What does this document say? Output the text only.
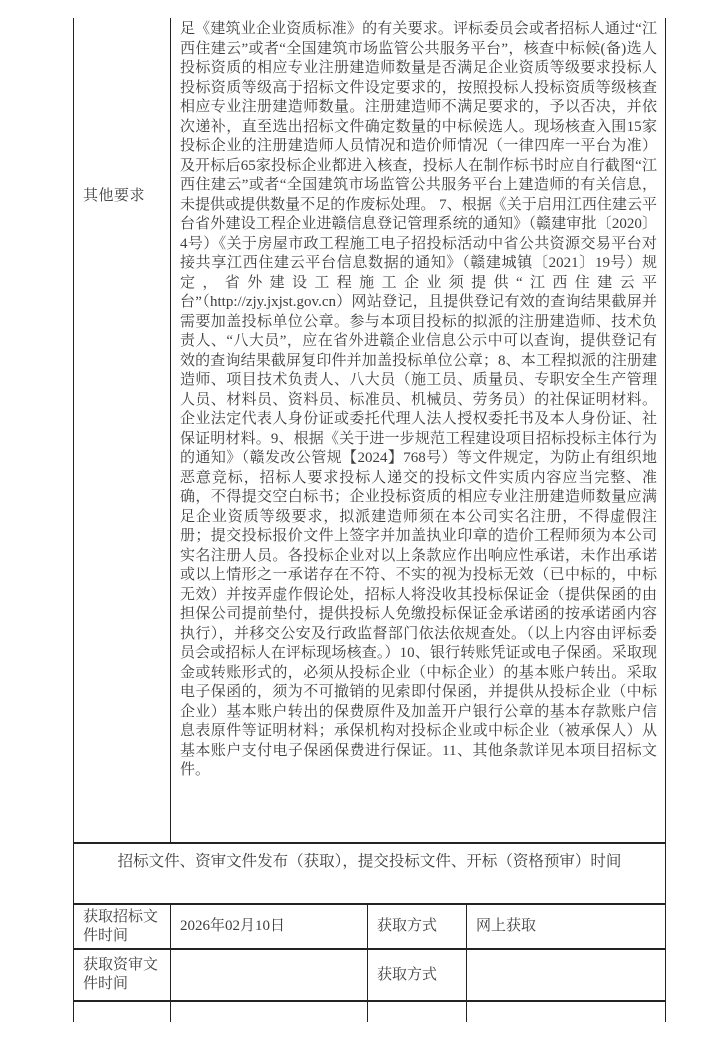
其他要求
足《建筑业企业资质标准》的有关要求。评标委员会或者招标人通过“江西住建云”或者“全国建筑市场监管公共服务平台”，核查中标候(备)选人投标资质的相应专业注册建造师数量是否满足企业资质等级要求投标人投标资质等级高于招标文件设定要求的，按照投标人投标资质等级核查相应专业注册建造师数量。注册建造师不满足要求的，予以否决，并依次递补，直至选出招标文件确定数量的中标候选人。现场核查入围15家投标企业的注册建造师人员情况和造价师情况（一律四库一平台为准）及开标后65家投标企业都进入核查，投标人在制作标书时应自行截图“江西住建云”或者“全国建筑市场监管公共服务平台上建造师的有关信息，未提供或提供数量不足的作废标处理。 7、根据《关于启用江西住建云平台省外建设工程企业进赣信息登记管理系统的通知》（赣建审批〔2020〕4号）《关于房屋市政工程施工电子招投标活动中省公共资源交易平台对接共享江西住建云平台信息数据的通知》（赣建城镇〔2021〕19号）规定，省外建设工程施工企业须提供“江西住建云平台”（http://zjy.jxjst.gov.cn）网站登记，且提供登记有效的查询结果截屏并需要加盖投标单位公章。参与本项目投标的拟派的注册建造师、技术负责人、“八大员”，应在省外进赣企业信息公示中可以查询，提供登记有效的查询结果截屏复印件并加盖投标单位公章；8、本工程拟派的注册建造师、项目技术负责人、八大员（施工员、质量员、专职安全生产管理人员、材料员、资料员、标准员、机械员、劳务员）的社保证明材料。企业法定代表人身份证或委托代理人法人授权委托书及本人身份证、社保证明材料。9、根据《关于进一步规范工程建设项目招标投标主体行为的通知》（赣发改公管规【2024】768号）等文件规定，为防止有组织地恶意竞标，招标人要求投标人递交的投标文件实质内容应当完整、准确，不得提交空白标书；企业投标资质的相应专业注册建造师数量应满足企业资质等级要求，拟派建造师须在本公司实名注册，不得虚假注册；提交投标报价文件上签字并加盖执业印章的造价工程师须为本公司实名注册人员。各投标企业对以上条款应作出响应性承诺，未作出承诺或以上情形之一承诺存在不符、不实的视为投标无效（已中标的，中标无效）并按弄虚作假论处，招标人将没收其投标保证金（提供保函的由担保公司提前垫付，提供投标人免缴投标保证金承诺函的按承诺函内容执行），并移交公安及行政监督部门依法依规查处。（以上内容由评标委员会或招标人在评标现场核查。）10、银行转账凭证或电子保函。采取现金或转账形式的，必须从投标企业（中标企业）的基本账户转出。采取电子保函的，须为不可撤销的见索即付保函，并提供从投标企业（中标企业）基本账户转出的保费原件及加盖开户银行公章的基本存款账户信息表原件等证明材料；承保机构对投标企业或中标企业（被承保人）从基本账户支付电子保函保费进行保证。11、其他条款详见本项目招标文件。
招标文件、资审文件发布（获取），提交投标文件、开标（资格预审）时间
获取招标文件时间
2026年02月10日	获取方式	网上获取
获取资审文件时间
获取方式
